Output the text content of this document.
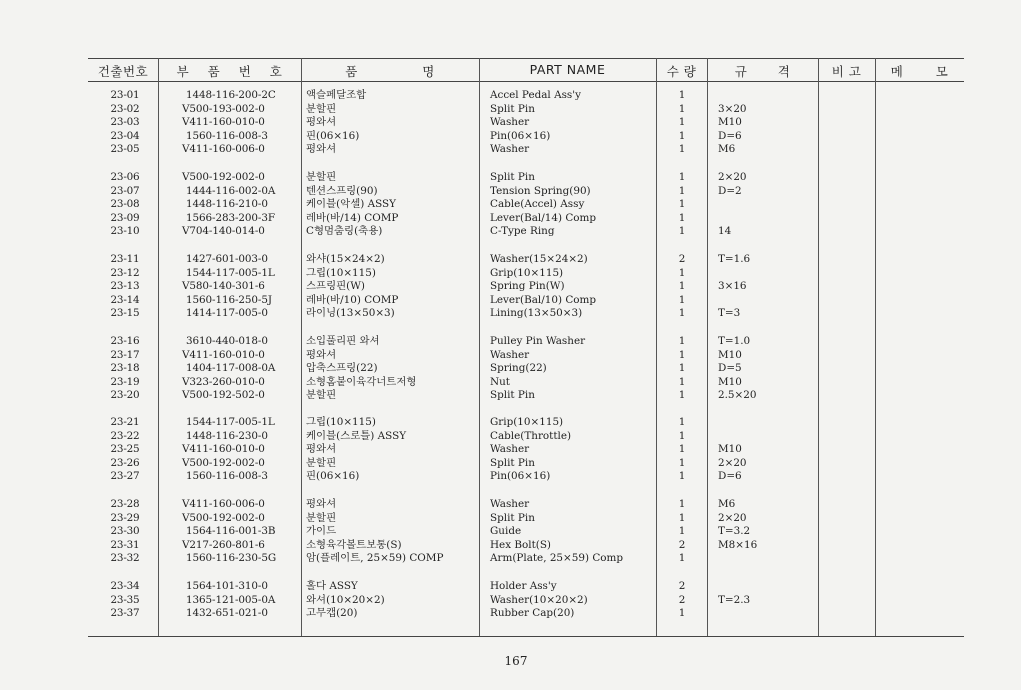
건출번호	부 품 번 호	품 명	PART NAME	수 량	규 격	비 고	메 모
23-01	1448-116-200-2C	액슬페달조합	Accel Pedal Ass'y	1
23-02	V500-193-002-0	분할핀	Split Pin	1	3×20
23-03	V411-160-010-0	평와셔	Washer	1	M10
23-04	1560-116-008-3	핀(06×16)	Pin(06×16)	1	D=6
23-05	V411-160-006-0	평와셔	Washer	1	M6
23-06	V500-192-002-0	분할핀	Split Pin	1	2×20
23-07	1444-116-002-0A	텐션스프링(90)	Tension Spring(90)	1	D=2
23-08	1448-116-210-0	케이블(악셀) ASSY	Cable(Accel) Assy	1
23-09	1566-283-200-3F	레바(바/14) COMP	Lever(Bal/14) Comp	1
23-10	V704-140-014-0	C형멈춤링(축용)	C-Type Ring	1	14
23-11	1427-601-003-0	와샤(15×24×2)	Washer(15×24×2)	2	T=1.6
23-12	1544-117-005-1L	그립(10×115)	Grip(10×115)	1
23-13	V580-140-301-6	스프링핀(W)	Spring Pin(W)	1	3×16
23-14	1560-116-250-5J	레바(바/10) COMP	Lever(Bal/10) Comp	1
23-15	1414-117-005-0	라이닝(13×50×3)	Lining(13×50×3)	1	T=3
23-16	3610-440-018-0	소입풀리핀 와셔	Pulley Pin Washer	1	T=1.0
23-17	V411-160-010-0	평와셔	Washer	1	M10
23-18	1404-117-008-0A	압축스프링(22)	Spring(22)	1	D=5
23-19	V323-260-010-0	소형홈붙이육각너트저형	Nut	1	M10
23-20	V500-192-502-0	분할핀	Split Pin	1	2.5×20
23-21	1544-117-005-1L	그립(10×115)	Grip(10×115)	1
23-22	1448-116-230-0	케이블(스로틀) ASSY	Cable(Throttle)	1
23-25	V411-160-010-0	평와셔	Washer	1	M10
23-26	V500-192-002-0	분할핀	Split Pin	1	2×20
23-27	1560-116-008-3	핀(06×16)	Pin(06×16)	1	D=6
23-28	V411-160-006-0	평와셔	Washer	1	M6
23-29	V500-192-002-0	분할핀	Split Pin	1	2×20
23-30	1564-116-001-3B	가이드	Guide	1	T=3.2
23-31	V217-260-801-6	소형육각볼트보통(S)	Hex Bolt(S)	2	M8×16
23-32	1560-116-230-5G	암(플레이트, 25×59) COMP	Arm(Plate, 25×59) Comp	1
23-34	1564-101-310-0	홀다 ASSY	Holder Ass'y	2
23-35	1365-121-005-0A	와셔(10×20×2)	Washer(10×20×2)	2	T=2.3
23-37	1432-651-021-0	고무캡(20)	Rubber Cap(20)	1
167
